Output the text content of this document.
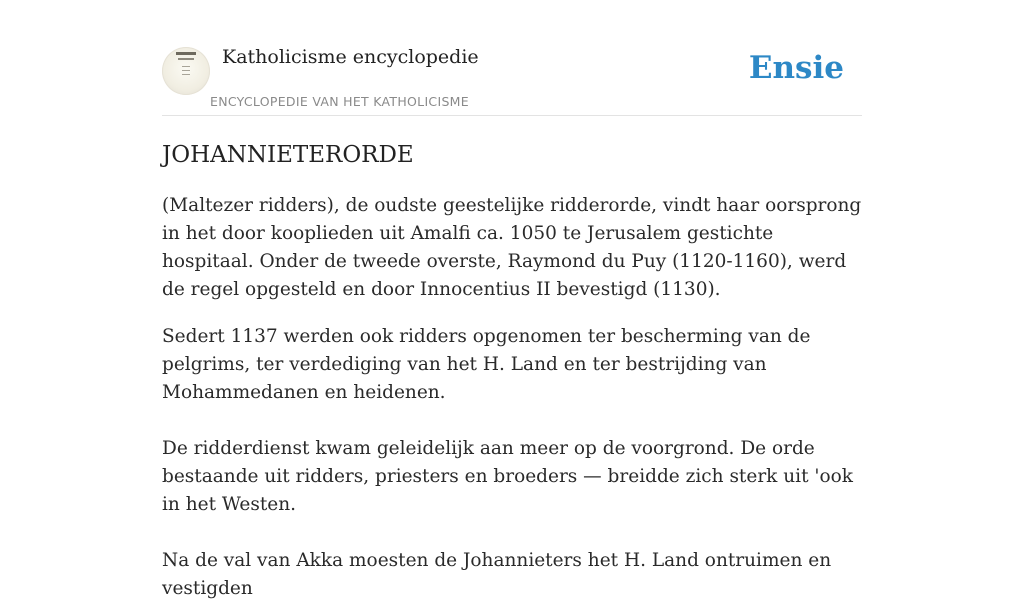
Katholicisme encyclopedie
ENCYCLOPEDIE VAN HET KATHOLICISME
Ensie
JOHANNIETERORDE

(Maltezer ridders), de oudste geestelijke ridderorde, vindt haar oorsprong in het door kooplieden uit Amalfi ca. 1050 te Jerusalem gestichte hospitaal. Onder de tweede overste, Raymond du Puy (1120-1160), werd de regel opgesteld en door Innocentius II bevestigd (1130).

Sedert 1137 werden ook ridders opgenomen ter bescherming van de pelgrims, ter verdediging van het H. Land en ter bestrijding van Mohammedanen en heidenen.

De ridderdienst kwam geleidelijk aan meer op de voorgrond. De orde bestaande uit ridders, priesters en broeders — breidde zich sterk uit 'ook in het Westen.

Na de val van Akka moesten de Johannieters het H. Land ontruimen en vestigden
